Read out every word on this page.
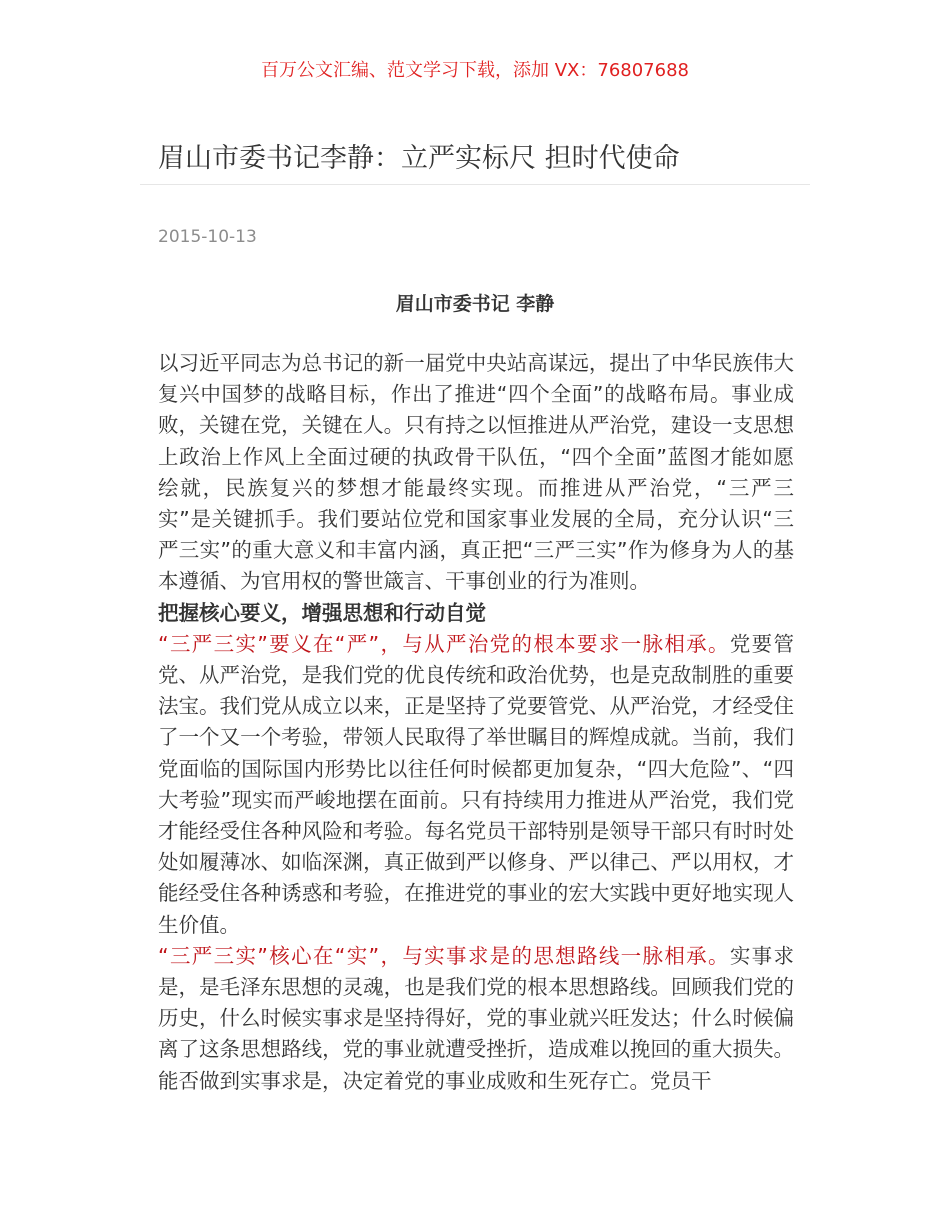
百万公文汇编、范文学习下载，添加 VX：76807688
眉山市委书记李静：立严实标尺 担时代使命
2015-10-13
眉山市委书记 李静

以习近平同志为总书记的新一届党中央站高谋远，提出了中华民族伟大复兴中国梦的战略目标，作出了推进“四个全面”的战略布局。事业成败，关键在党，关键在人。只有持之以恒推进从严治党，建设一支思想上政治上作风上全面过硬的执政骨干队伍，“四个全面”蓝图才能如愿绘就，民族复兴的梦想才能最终实现。而推进从严治党，“三严三实”是关键抓手。我们要站位党和国家事业发展的全局，充分认识“三严三实”的重大意义和丰富内涵，真正把“三严三实”作为修身为人的基本遵循、为官用权的警世箴言、干事创业的行为准则。

把握核心要义，增强思想和行动自觉

“三严三实”要义在“严”，与从严治党的根本要求一脉相承。党要管党、从严治党，是我们党的优良传统和政治优势，也是克敌制胜的重要法宝。我们党从成立以来，正是坚持了党要管党、从严治党，才经受住了一个又一个考验，带领人民取得了举世瞩目的辉煌成就。当前，我们党面临的国际国内形势比以往任何时候都更加复杂，“四大危险”、“四大考验”现实而严峻地摆在面前。只有持续用力推进从严治党，我们党才能经受住各种风险和考验。每名党员干部特别是领导干部只有时时处处如履薄冰、如临深渊，真正做到严以修身、严以律己、严以用权，才能经受住各种诱惑和考验，在推进党的事业的宏大实践中更好地实现人生价值。

“三严三实”核心在“实”，与实事求是的思想路线一脉相承。实事求是，是毛泽东思想的灵魂，也是我们党的根本思想路线。回顾我们党的历史，什么时候实事求是坚持得好，党的事业就兴旺发达；什么时候偏离了这条思想路线，党的事业就遭受挫折，造成难以挽回的重大损失。能否做到实事求是，决定着党的事业成败和生死存亡。党员干
